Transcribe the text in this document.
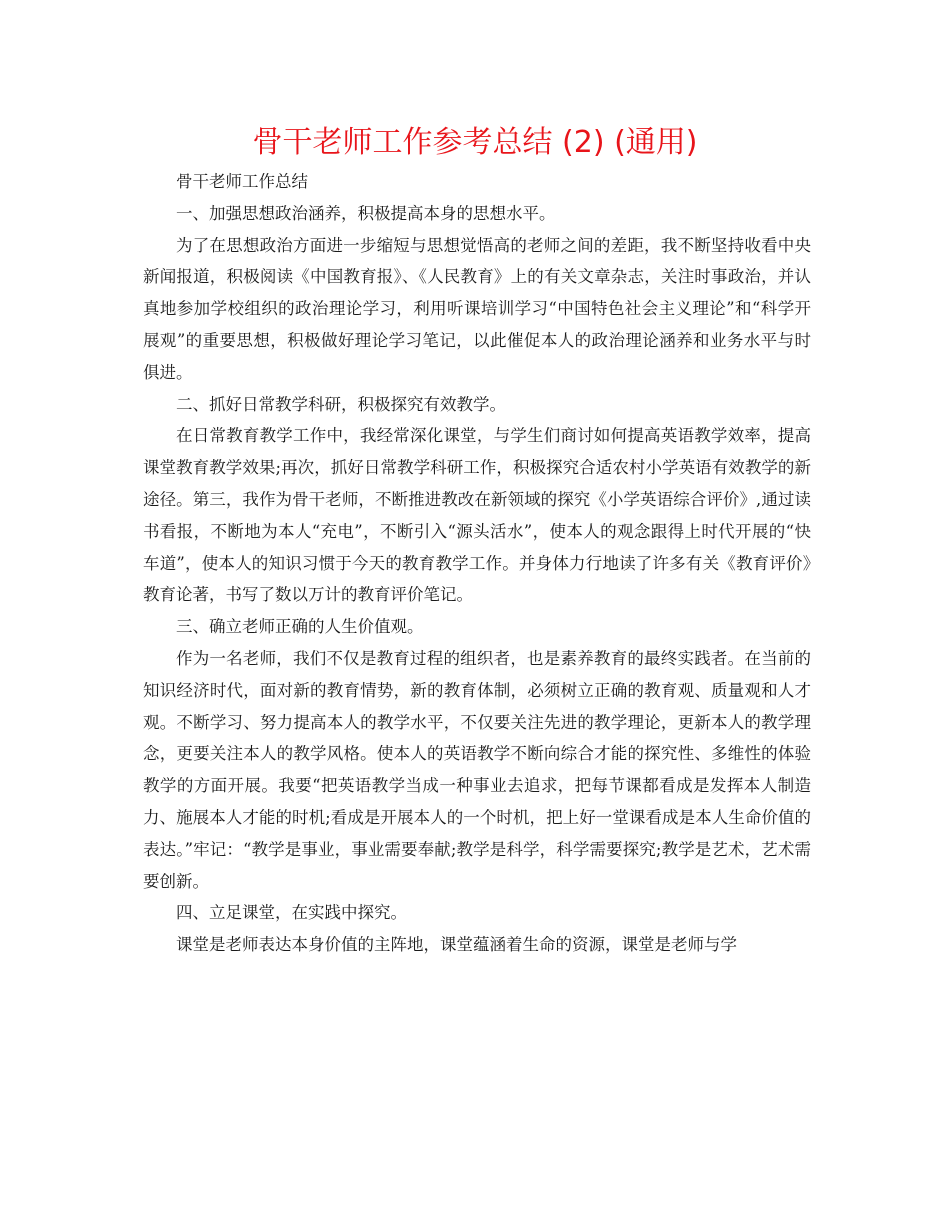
骨干老师工作参考总结 (2) (通用)

骨干老师工作总结

一、加强思想政治涵养，积极提高本身的思想水平。

为了在思想政治方面进一步缩短与思想觉悟高的老师之间的差距，我不断坚持收看中央新闻报道，积极阅读《中国教育报》、《人民教育》上的有关文章杂志，关注时事政治，并认真地参加学校组织的政治理论学习，利用听课培训学习“中国特色社会主义理论”和“科学开展观”的重要思想，积极做好理论学习笔记，以此催促本人的政治理论涵养和业务水平与时俱进。

二、抓好日常教学科研，积极探究有效教学。

在日常教育教学工作中，我经常深化课堂，与学生们商讨如何提高英语教学效率，提高课堂教育教学效果;再次，抓好日常教学科研工作，积极探究合适农村小学英语有效教学的新途径。第三，我作为骨干老师，不断推进教改在新领域的探究《小学英语综合评价》,通过读书看报，不断地为本人“充电”，不断引入“源头活水”，使本人的观念跟得上时代开展的“快车道”，使本人的知识习惯于今天的教育教学工作。并身体力行地读了许多有关《教育评价》教育论著，书写了数以万计的教育评价笔记。

三、确立老师正确的人生价值观。

作为一名老师，我们不仅是教育过程的组织者，也是素养教育的最终实践者。在当前的知识经济时代，面对新的教育情势，新的教育体制，必须树立正确的教育观、质量观和人才观。不断学习、努力提高本人的教学水平，不仅要关注先进的教学理论，更新本人的教学理念，更要关注本人的教学风格。使本人的英语教学不断向综合才能的探究性、多维性的体验教学的方面开展。我要“把英语教学当成一种事业去追求，把每节课都看成是发挥本人制造力、施展本人才能的时机;看成是开展本人的一个时机，把上好一堂课看成是本人生命价值的表达。”牢记：“教学是事业，事业需要奉献;教学是科学，科学需要探究;教学是艺术，艺术需要创新。

四、立足课堂，在实践中探究。

课堂是老师表达本身价值的主阵地，课堂蕴涵着生命的资源，课堂是老师与学
